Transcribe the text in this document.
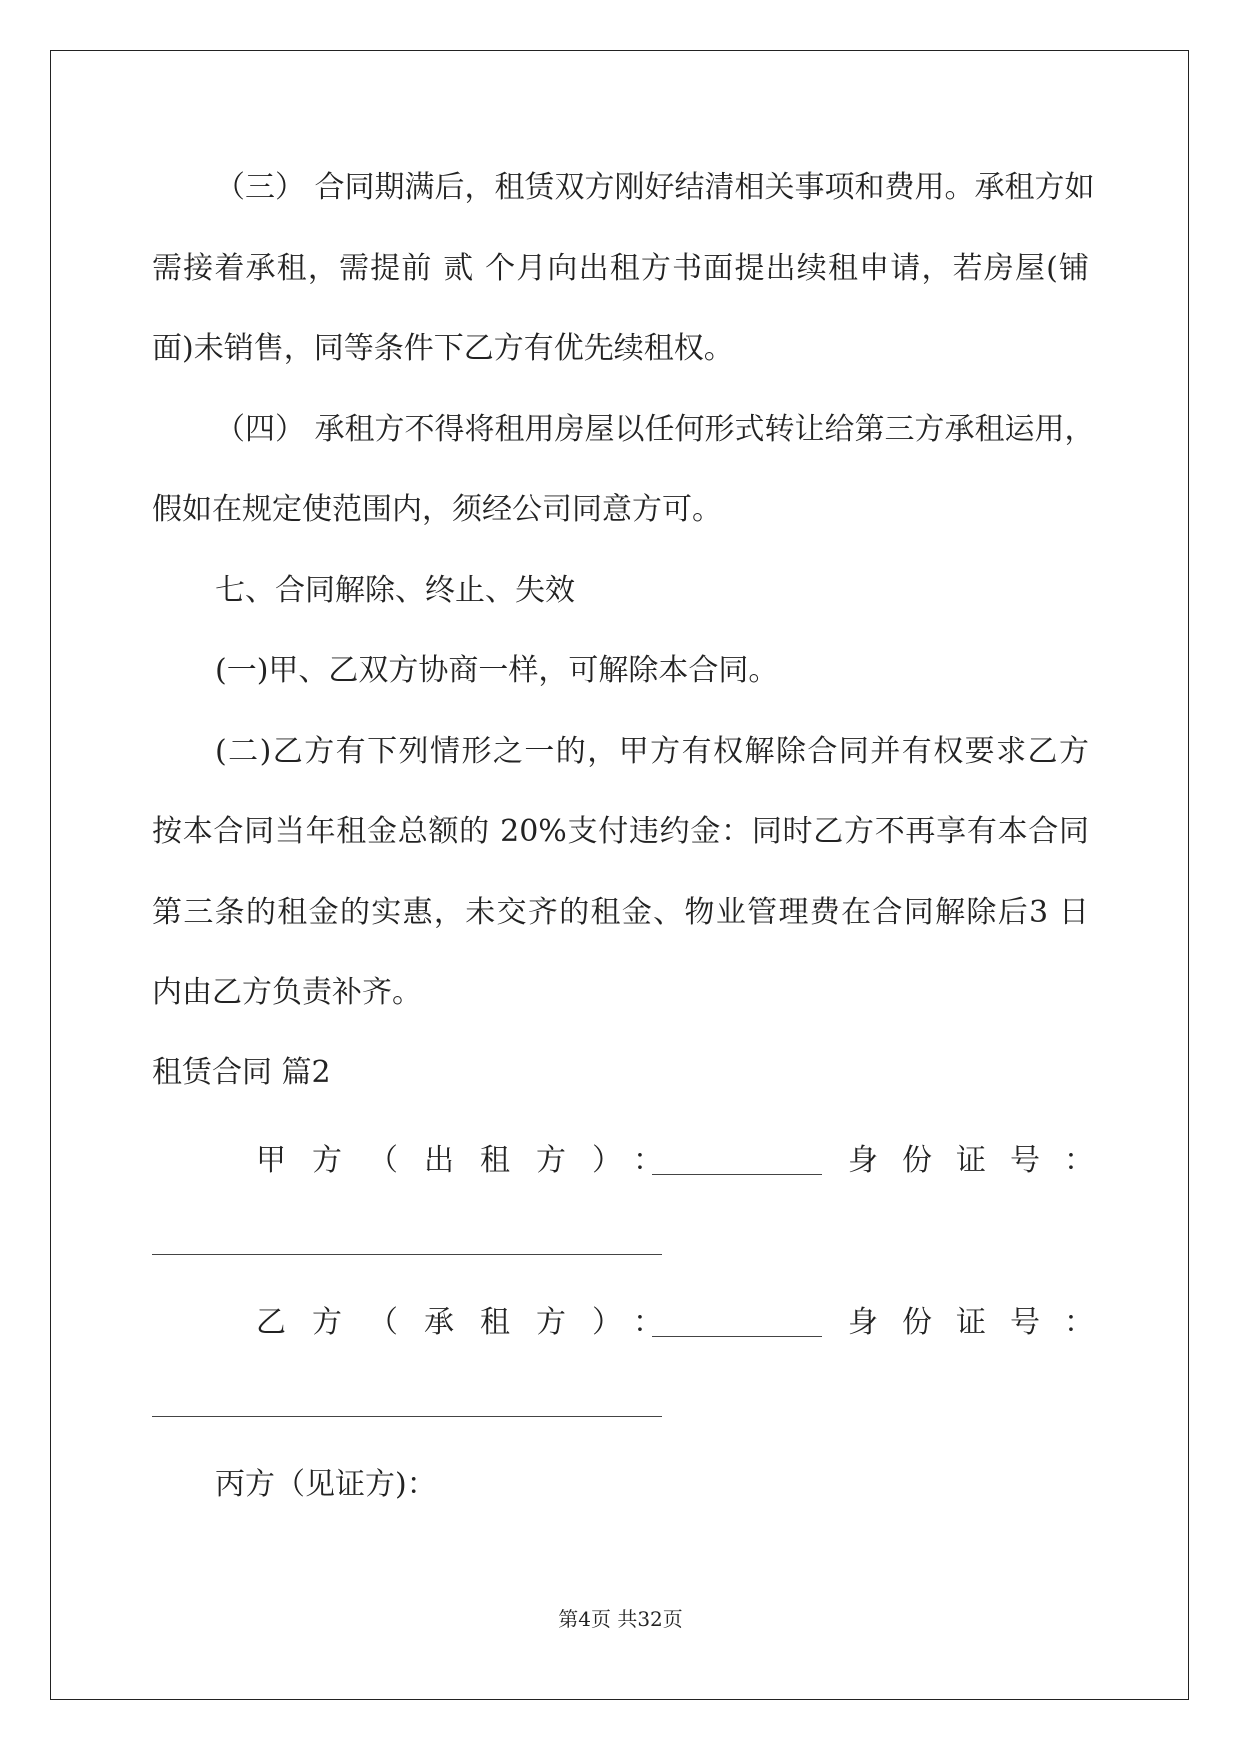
（三） 合同期满后，租赁双方刚好结清相关事项和费用。承租方如
需接着承租，需提前 贰 个月向出租方书面提出续租申请，若房屋(铺
面)未销售，同等条件下乙方有优先续租权。
（四） 承租方不得将租用房屋以任何形式转让给第三方承租运用，
假如在规定使范围内，须经公司同意方可。
七、合同解除、终止、失效
(一)甲、乙双方协商一样，可解除本合同。
(二)乙方有下列情形之一的，甲方有权解除合同并有权要求乙方
按本合同当年租金总额的 20%支付违约金：同时乙方不再享有本合同
第三条的租金的实惠，未交齐的租金、物业管理费在合同解除后3 日
内由乙方负责补齐。
租赁合同 篇2
甲方（出租方）：	身份证号：
乙方（承租方）：	身份证号：
丙方（见证方)：
第4页 共32页
